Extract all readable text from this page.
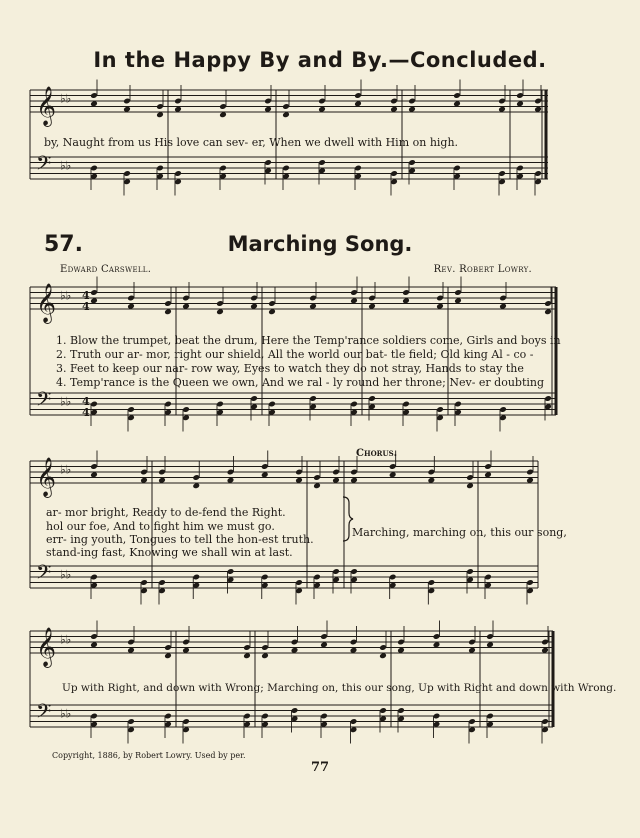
In the Happy By and By.—Concluded.
𝄞 ♭♭
𝄢 ♭♭
𝄞 ♭♭ 4
4
𝄢 ♭♭ 4
4
𝄞 ♭♭
𝄢 ♭♭
𝄞 ♭♭
𝄢 ♭♭
57.	Marching Song.
Edward Carswell.	Rev. Robert Lowry.
by, Naught from us His love can sev- er, When we dwell with Him on high.
1. Blow the trumpet, beat the drum, Here the Temp'rance soldiers come, Girls and boys in
2. Truth our ar- mor, right our shield, All the world our bat- tle field; Old king Al - co -
3. Feet to keep our nar- row way, Eyes to watch they do not stray, Hands to stay the
4. Temp'rance is the Queen we own, And we ral - ly round her throne; Nev- er doubting
Chorus.
ar- mor bright, Ready to de-fend the Right.
hol our foe, And to fight him we must go.
err- ing youth, Tongues to tell the hon-est truth.
stand-ing fast, Knowing we shall win at last.
Marching, marching on, this our song,
Up with Right, and down with Wrong; Marching on, this our song, Up with Right and down with Wrong.
Copyright, 1886, by Robert Lowry. Used by per.
77
